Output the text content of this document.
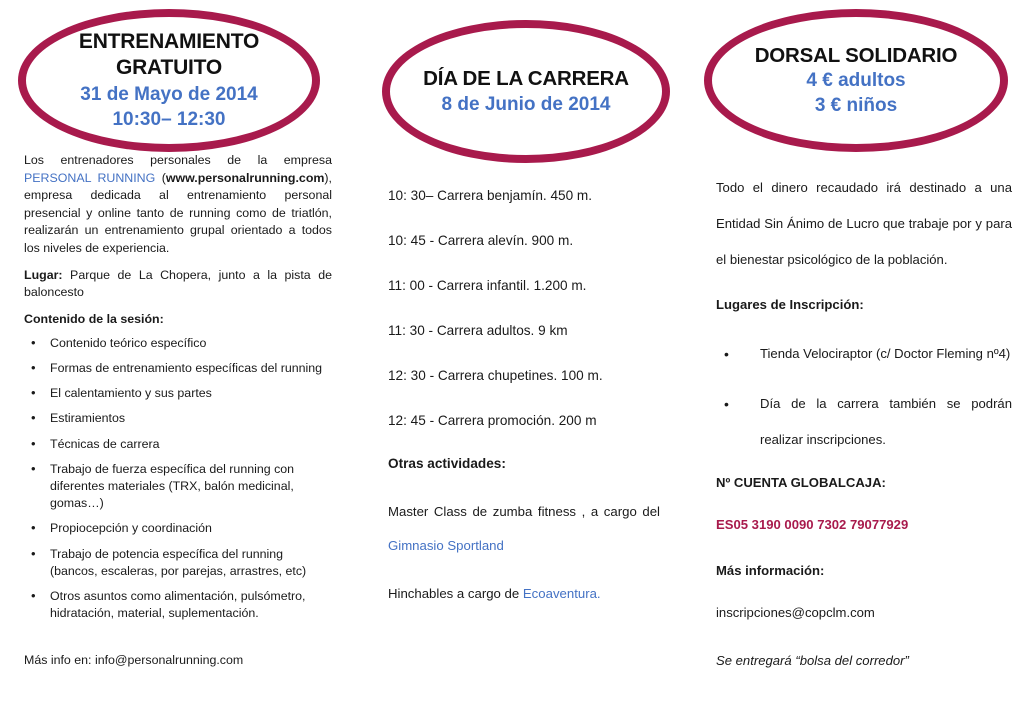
ENTRENAMIENTO
GRATUITO
31 de Mayo de 2014
10:30– 12:30
DÍA DE LA CARRERA
8 de Junio de 2014
DORSAL SOLIDARIO
4 € adultos
3 € niños

Los entrenadores personales de la empresa PERSONAL RUNNING (www.personalrunning.com), empresa dedicada al entrenamiento personal presencial y online tanto de running como de triatlón, realizarán un entrenamiento grupal orientado a todos los niveles de experiencia.

Lugar: Parque de La Chopera, junto a la pista de baloncesto

Contenido de la sesión:

• Contenido teórico específico
• Formas de entrenamiento específicas del running
• El calentamiento y sus partes
• Estiramientos
• Técnicas de carrera
• Trabajo de fuerza específica del running con diferentes materiales (TRX, balón medicinal, gomas…)
• Propiocepción y coordinación
• Trabajo de potencia específica del running (bancos, escaleras, por parejas, arrastres, etc)
• Otros asuntos como alimentación, pulsómetro, hidratación, material, suplementación.

Más info en: info@personalrunning.com

10: 30– Carrera benjamín. 450 m.

10: 45 - Carrera alevín. 900 m.

11: 00 - Carrera infantil. 1.200 m.

11: 30 - Carrera adultos. 9 km

12: 30 - Carrera chupetines. 100 m.

12: 45 - Carrera promoción. 200 m

Otras actividades:

Master Class de zumba fitness , a cargo del Gimnasio Sportland

Hinchables a cargo de Ecoaventura.

Todo el dinero recaudado irá destinado a una Entidad Sin Ánimo de Lucro que trabaje por y para el bienestar psicológico de la población.

Lugares de Inscripción:

• Tienda Velociraptor (c/ Doctor Fleming nº4)
• Día de la carrera también se podrán realizar inscripciones.

Nº CUENTA GLOBALCAJA:

ES05 3190 0090 7302 79077929

Más información:

inscripciones@copclm.com

Se entregará “bolsa del corredor”
